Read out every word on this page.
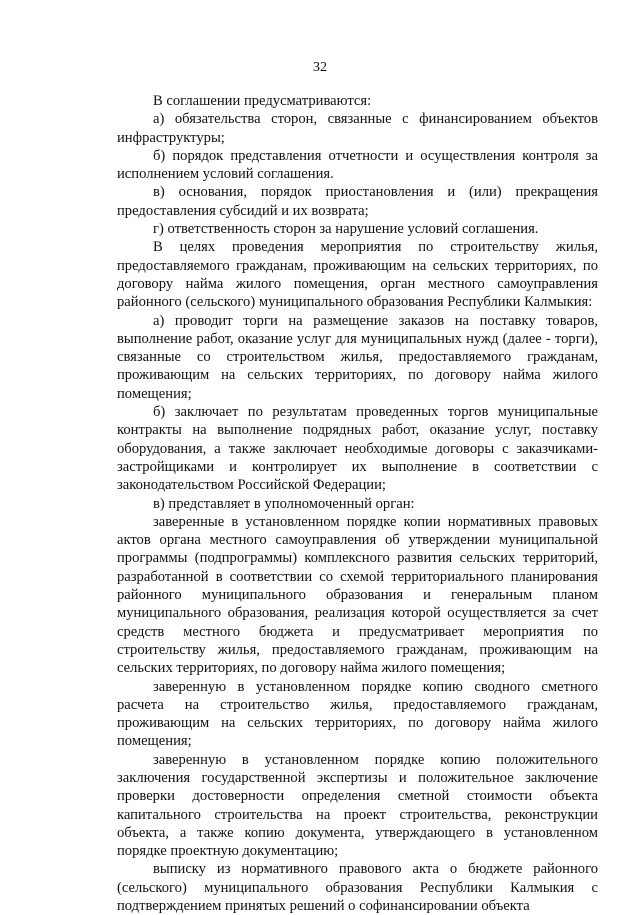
32

В соглашении предусматриваются:

а) обязательства сторон, связанные с финансированием объектов инфраструктуры;

б) порядок представления отчетности и осуществления контроля за исполнением условий соглашения.

в) основания, порядок приостановления и (или) прекращения предоставления субсидий и их возврата;

г) ответственность сторон за нарушение условий соглашения.

В целях проведения мероприятия по строительству жилья, предоставляемого гражданам, проживающим на сельских территориях, по договору найма жилого помещения, орган местного самоуправления районного (сельского) муниципального образования Республики Калмыкия:

а) проводит торги на размещение заказов на поставку товаров, выполнение работ, оказание услуг для муниципальных нужд (далее - торги), связанные со строительством жилья, предоставляемого гражданам, проживающим на сельских территориях, по договору найма жилого помещения;

б) заключает по результатам проведенных торгов муниципальные контракты на выполнение подрядных работ, оказание услуг, поставку оборудования, а также заключает необходимые договоры с заказчиками-застройщиками и контролирует их выполнение в соответствии с законодательством Российской Федерации;

в) представляет в уполномоченный орган:

заверенные в установленном порядке копии нормативных правовых актов органа местного самоуправления об утверждении муниципальной программы (подпрограммы) комплексного развития сельских территорий, разработанной в соответствии со схемой территориального планирования районного муниципального образования и генеральным планом муниципального образования, реализация которой осуществляется за счет средств местного бюджета и предусматривает мероприятия по строительству жилья, предоставляемого гражданам, проживающим на сельских территориях, по договору найма жилого помещения;

заверенную в установленном порядке копию сводного сметного расчета на строительство жилья, предоставляемого гражданам, проживающим на сельских территориях, по договору найма жилого помещения;

заверенную в установленном порядке копию положительного заключения государственной экспертизы и положительное заключение проверки достоверности определения сметной стоимости объекта капитального строительства на проект строительства, реконструкции объекта, а также копию документа, утверждающего в установленном порядке проектную документацию;

выписку из нормативного правового акта о бюджете районного (сельского) муниципального образования Республики Калмыкия с подтверждением принятых решений о софинансировании объекта
